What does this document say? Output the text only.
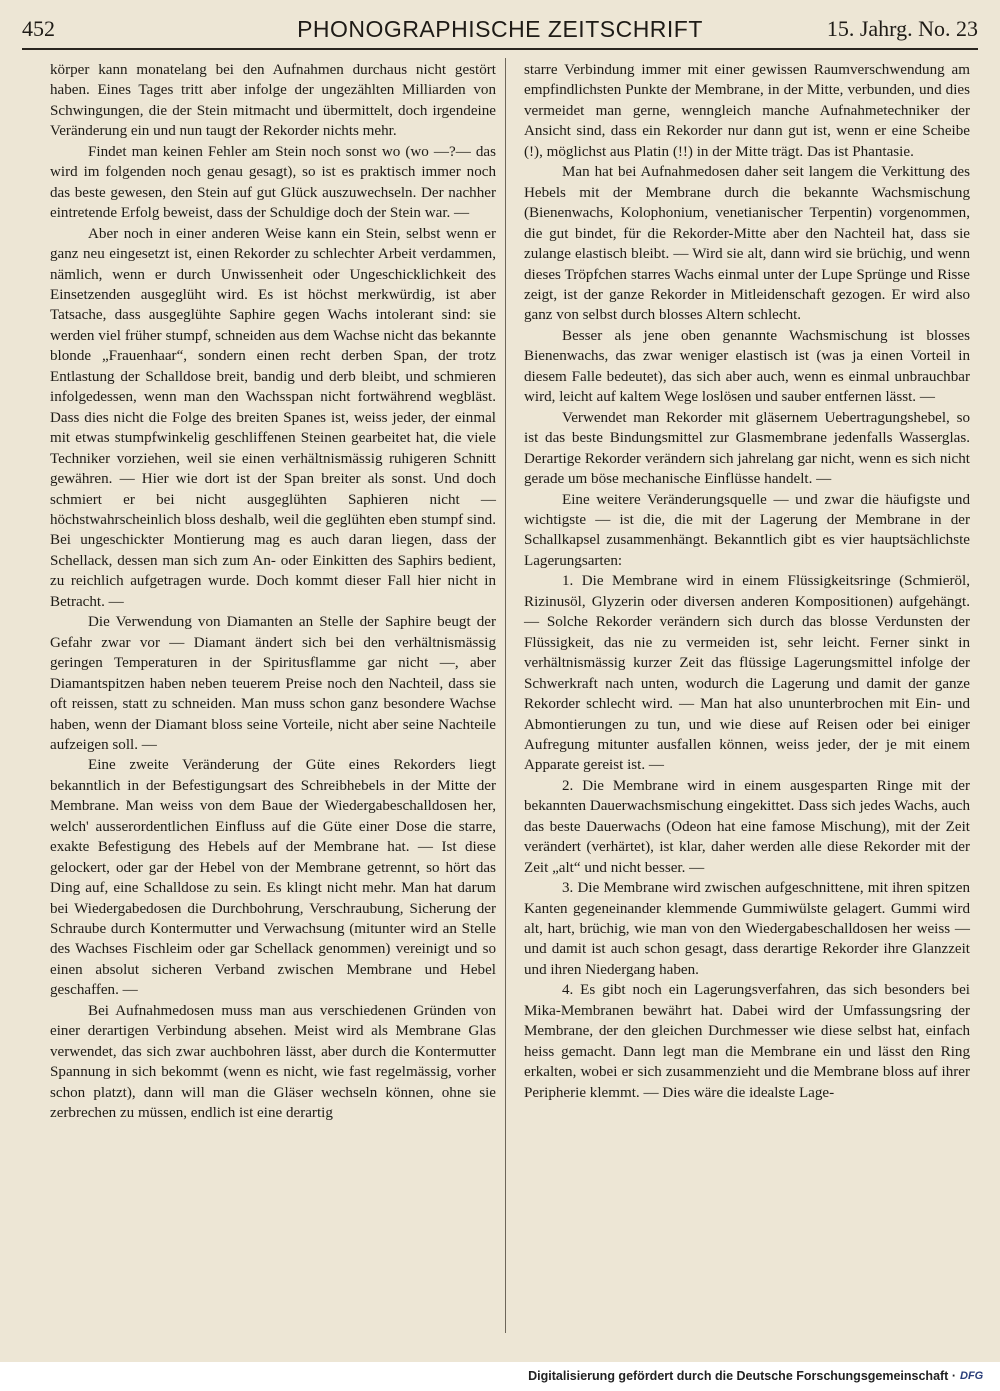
452	PHONOGRAPHISCHE ZEITSCHRIFT	15. Jahrg. No. 23

körper kann monatelang bei den Aufnahmen durchaus nicht gestört haben. Eines Tages tritt aber infolge der ungezählten Milliarden von Schwingungen, die der Stein mitmacht und übermittelt, doch irgendeine Veränderung ein und nun taugt der Rekorder nichts mehr.

Findet man keinen Fehler am Stein noch sonst wo (wo —?— das wird im folgenden noch genau gesagt), so ist es praktisch immer noch das beste gewesen, den Stein auf gut Glück auszuwechseln. Der nachher eintretende Erfolg beweist, dass der Schuldige doch der Stein war. —

Aber noch in einer anderen Weise kann ein Stein, selbst wenn er ganz neu eingesetzt ist, einen Rekorder zu schlechter Arbeit verdammen, nämlich, wenn er durch Unwissenheit oder Ungeschicklichkeit des Einsetzenden ausgeglüht wird. Es ist höchst merkwürdig, ist aber Tatsache, dass ausgeglühte Saphire gegen Wachs intolerant sind: sie werden viel früher stumpf, schneiden aus dem Wachse nicht das bekannte blonde „Frauenhaar“, sondern einen recht derben Span, der trotz Entlastung der Schalldose breit, bandig und derb bleibt, und schmieren infolgedessen, wenn man den Wachsspan nicht fortwährend wegbläst. Dass dies nicht die Folge des breiten Spanes ist, weiss jeder, der einmal mit etwas stumpfwinkelig geschliffenen Steinen gearbeitet hat, die viele Techniker vorziehen, weil sie einen verhältnismässig ruhigeren Schnitt gewähren. — Hier wie dort ist der Span breiter als sonst. Und doch schmiert er bei nicht ausgeglühten Saphieren nicht — höchstwahrscheinlich bloss deshalb, weil die geglühten eben stumpf sind. Bei ungeschickter Montierung mag es auch daran liegen, dass der Schellack, dessen man sich zum An- oder Einkitten des Saphirs bedient, zu reichlich aufgetragen wurde. Doch kommt dieser Fall hier nicht in Betracht. —

Die Verwendung von Diamanten an Stelle der Saphire beugt der Gefahr zwar vor — Diamant ändert sich bei den verhältnismässig geringen Temperaturen in der Spiritusflamme gar nicht —, aber Diamantspitzen haben neben teuerem Preise noch den Nachteil, dass sie oft reissen, statt zu schneiden. Man muss schon ganz besondere Wachse haben, wenn der Diamant bloss seine Vorteile, nicht aber seine Nachteile aufzeigen soll. —

Eine zweite Veränderung der Güte eines Rekorders liegt bekanntlich in der Befestigungsart des Schreibhebels in der Mitte der Membrane. Man weiss von dem Baue der Wiedergabeschalldosen her, welch' ausserordentlichen Einfluss auf die Güte einer Dose die starre, exakte Befestigung des Hebels auf der Membrane hat. — Ist diese gelockert, oder gar der Hebel von der Membrane getrennt, so hört das Ding auf, eine Schalldose zu sein. Es klingt nicht mehr. Man hat darum bei Wiedergabedosen die Durchbohrung, Verschraubung, Sicherung der Schraube durch Kontermutter und Verwachsung (mitunter wird an Stelle des Wachses Fischleim oder gar Schellack genommen) vereinigt und so einen absolut sicheren Verband zwischen Membrane und Hebel geschaffen. —

Bei Aufnahmedosen muss man aus verschiedenen Gründen von einer derartigen Verbindung absehen. Meist wird als Membrane Glas verwendet, das sich zwar auchbohren lässt, aber durch die Kontermutter Spannung in sich bekommt (wenn es nicht, wie fast regelmässig, vorher schon platzt), dann will man die Gläser wechseln können, ohne sie zerbrechen zu müssen, endlich ist eine derartig

starre Verbindung immer mit einer gewissen Raumverschwendung am empfindlichsten Punkte der Membrane, in der Mitte, verbunden, und dies vermeidet man gerne, wenngleich manche Aufnahmetechniker der Ansicht sind, dass ein Rekorder nur dann gut ist, wenn er eine Scheibe (!), möglichst aus Platin (!!) in der Mitte trägt. Das ist Phantasie.

Man hat bei Aufnahmedosen daher seit langem die Verkittung des Hebels mit der Membrane durch die bekannte Wachsmischung (Bienenwachs, Kolophonium, venetianischer Terpentin) vorgenommen, die gut bindet, für die Rekorder-Mitte aber den Nachteil hat, dass sie zulange elastisch bleibt. — Wird sie alt, dann wird sie brüchig, und wenn dieses Tröpfchen starres Wachs einmal unter der Lupe Sprünge und Risse zeigt, ist der ganze Rekorder in Mitleidenschaft gezogen. Er wird also ganz von selbst durch blosses Altern schlecht.

Besser als jene oben genannte Wachsmischung ist blosses Bienenwachs, das zwar weniger elastisch ist (was ja einen Vorteil in diesem Falle bedeutet), das sich aber auch, wenn es einmal unbrauchbar wird, leicht auf kaltem Wege loslösen und sauber entfernen lässt. —

Verwendet man Rekorder mit gläsernem Uebertragungshebel, so ist das beste Bindungsmittel zur Glasmembrane jedenfalls Wasserglas. Derartige Rekorder verändern sich jahrelang gar nicht, wenn es sich nicht gerade um böse mechanische Einflüsse handelt. —

Eine weitere Veränderungsquelle — und zwar die häufigste und wichtigste — ist die, die mit der Lagerung der Membrane in der Schallkapsel zusammenhängt. Bekanntlich gibt es vier hauptsächlichste Lagerungsarten:

1. Die Membrane wird in einem Flüssigkeitsringe (Schmieröl, Rizinusöl, Glyzerin oder diversen anderen Kompositionen) aufgehängt. — Solche Rekorder verändern sich durch das blosse Verdunsten der Flüssigkeit, das nie zu vermeiden ist, sehr leicht. Ferner sinkt in verhältnismässig kurzer Zeit das flüssige Lagerungsmittel infolge der Schwerkraft nach unten, wodurch die Lagerung und damit der ganze Rekorder schlecht wird. — Man hat also ununterbrochen mit Ein- und Abmontierungen zu tun, und wie diese auf Reisen oder bei einiger Aufregung mitunter ausfallen können, weiss jeder, der je mit einem Apparate gereist ist. —

2. Die Membrane wird in einem ausgesparten Ringe mit der bekannten Dauerwachsmischung eingekittet. Dass sich jedes Wachs, auch das beste Dauerwachs (Odeon hat eine famose Mischung), mit der Zeit verändert (verhärtet), ist klar, daher werden alle diese Rekorder mit der Zeit „alt“ und nicht besser. —

3. Die Membrane wird zwischen aufgeschnittene, mit ihren spitzen Kanten gegeneinander klemmende Gummiwülste gelagert. Gummi wird alt, hart, brüchig, wie man von den Wiedergabeschalldosen her weiss — und damit ist auch schon gesagt, dass derartige Rekorder ihre Glanzzeit und ihren Niedergang haben.

4. Es gibt noch ein Lagerungsverfahren, das sich besonders bei Mika-Membranen bewährt hat. Dabei wird der Umfassungsring der Membrane, der den gleichen Durchmesser wie diese selbst hat, einfach heiss gemacht. Dann legt man die Membrane ein und lässt den Ring erkalten, wobei er sich zusammenzieht und die Membrane bloss auf ihrer Peripherie klemmt. — Dies wäre die idealste Lage-

Digitalisierung gefördert durch die Deutsche Forschungsgemeinschaft · DFG
